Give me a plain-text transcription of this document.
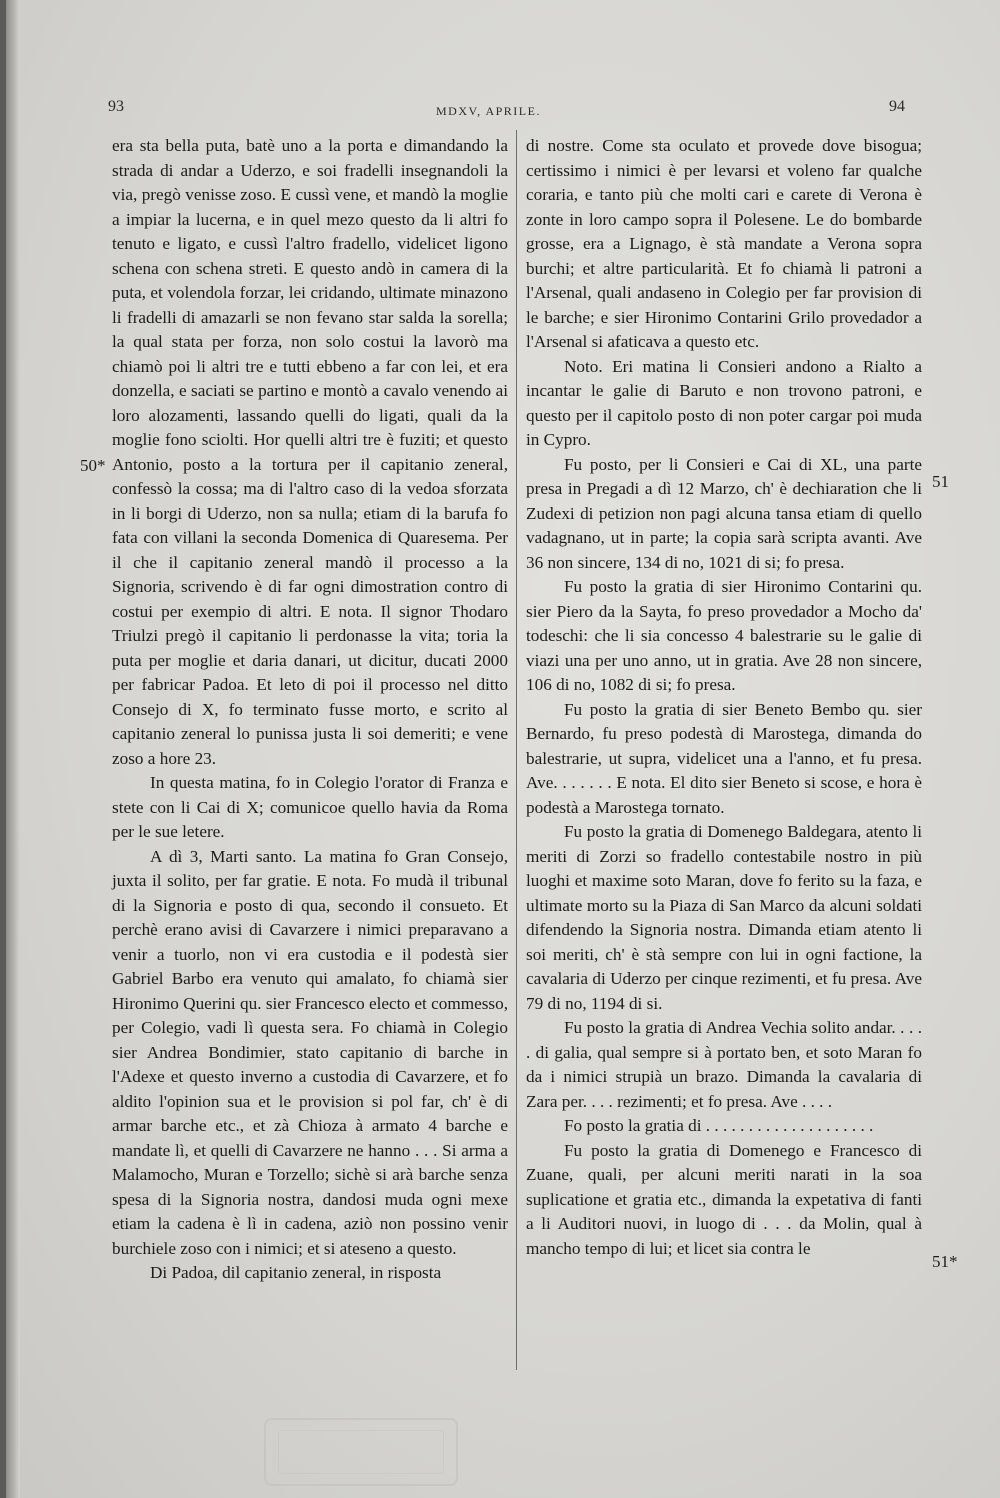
93	MDXV, APRILE.	94
50*
51
51*

era sta bella puta, batè uno a la porta e dimandando la strada di andar a Uderzo, e soi fradelli insegnandoli la via, pregò venisse zoso. E cussì vene, et mandò la moglie a impiar la lucerna, e in quel mezo questo da li altri fo tenuto e ligato, e cussì l'altro fradello, videlicet ligono schena con schena streti. E questo andò in camera di la puta, et volendola forzar, lei cridando, ultimate minazono li fradelli di amazarli se non fevano star salda la sorella; la qual stata per forza, non solo costui la lavorò ma chiamò poi li altri tre e tutti ebbeno a far con lei, et era donzella, e saciati se partino e montò a cavalo venendo ai loro alozamenti, lassando quelli do ligati, quali da la moglie fono sciolti. Hor quelli altri tre è fuziti; et questo Antonio, posto a la tortura per il capitanio zeneral, confessò la cossa; ma di l'altro caso di la vedoa sforzata in li borgi di Uderzo, non sa nulla; etiam di la barufa fo fata con villani la seconda Domenica di Quaresema. Per il che il capitanio zeneral mandò il processo a la Signoria, scrivendo è di far ogni dimostration contro di costui per exempio di altri. E nota. Il signor Thodaro Triulzi pregò il capitanio li perdonasse la vita; toria la puta per moglie et daria danari, ut dicitur, ducati 2000 per fabricar Padoa. Et leto di poi il processo nel ditto Consejo di X, fo terminato fusse morto, e scrito al capitanio zeneral lo punissa justa li soi demeriti; e vene zoso a hore 23.

In questa matina, fo in Colegio l'orator di Franza e stete con li Cai di X; comunicoe quello havia da Roma per le sue letere.

A dì 3, Marti santo. La matina fo Gran Consejo, juxta il solito, per far gratie. E nota. Fo mudà il tribunal di la Signoria e posto di qua, secondo il consueto. Et perchè erano avisi di Cavarzere i nimici preparavano a venir a tuorlo, non vi era custodia e il podestà sier Gabriel Barbo era venuto qui amalato, fo chiamà sier Hironimo Querini qu. sier Francesco electo et commesso, per Colegio, vadi lì questa sera. Fo chiamà in Colegio sier Andrea Bondimier, stato capitanio di barche in l'Adexe et questo inverno a custodia di Cavarzere, et fo aldito l'opinion sua et le provision si pol far, ch' è di armar barche etc., et zà Chioza à armato 4 barche e mandate lì, et quelli di Cavarzere ne hanno . . . Si arma a Malamocho, Muran e Torzello; sichè si arà barche senza spesa di la Signoria nostra, dandosi muda ogni mexe etiam la cadena è lì in cadena, aziò non possino venir burchiele zoso con i nimici; et si ateseno a questo.

Di Padoa, dil capitanio zeneral, in risposta

di nostre. Come sta oculato et provede dove bisogua; certissimo i nimici è per levarsi et voleno far qualche coraria, e tanto più che molti cari e carete di Verona è zonte in loro campo sopra il Polesene. Le do bombarde grosse, era a Lignago, è stà mandate a Verona sopra burchi; et altre particularità. Et fo chiamà li patroni a l'Arsenal, quali andaseno in Colegio per far provision di le barche; e sier Hironimo Contarini Grilo provedador a l'Arsenal si afaticava a questo etc.

Noto. Eri matina li Consieri andono a Rialto a incantar le galie di Baruto e non trovono patroni, e questo per il capitolo posto di non poter cargar poi muda in Cypro.

Fu posto, per li Consieri e Cai di XL, una parte presa in Pregadi a dì 12 Marzo, ch' è dechiaration che li Zudexi di petizion non pagi alcuna tansa etiam di quello vadagnano, ut in parte; la copia sarà scripta avanti. Ave 36 non sincere, 134 di no, 1021 di si; fo presa.

Fu posto la gratia di sier Hironimo Contarini qu. sier Piero da la Sayta, fo preso provedador a Mocho da' todeschi: che li sia concesso 4 balestrarie su le galie di viazi una per uno anno, ut in gratia. Ave 28 non sincere, 106 di no, 1082 di si; fo presa.

Fu posto la gratia di sier Beneto Bembo qu. sier Bernardo, fu preso podestà di Marostega, dimanda do balestrarie, ut supra, videlicet una a l'anno, et fu presa. Ave. . . . . . . E nota. El dito sier Beneto si scose, e hora è podestà a Marostega tornato.

Fu posto la gratia di Domenego Baldegara, atento li meriti di Zorzi so fradello contestabile nostro in più luoghi et maxime soto Maran, dove fo ferito su la faza, e ultimate morto su la Piaza di San Marco da alcuni soldati difendendo la Signoria nostra. Dimanda etiam atento li soi meriti, ch' è stà sempre con lui in ogni factione, la cavalaria di Uderzo per cinque rezimenti, et fu presa. Ave 79 di no, 1194 di si.

Fu posto la gratia di Andrea Vechia solito andar. . . . . di galia, qual sempre si à portato ben, et soto Maran fo da i nimici strupià un brazo. Dimanda la cavalaria di Zara per. . . . rezimenti; et fo presa. Ave . . . .

Fo posto la gratia di . . . . . . . . . . . . . . . . . . . .

Fu posto la gratia di Domenego e Francesco di Zuane, quali, per alcuni meriti narati in la soa suplicatione et gratia etc., dimanda la expetativa di fanti a li Auditori nuovi, in luogo di . . . da Molin, qual à mancho tempo di lui; et licet sia contra le
